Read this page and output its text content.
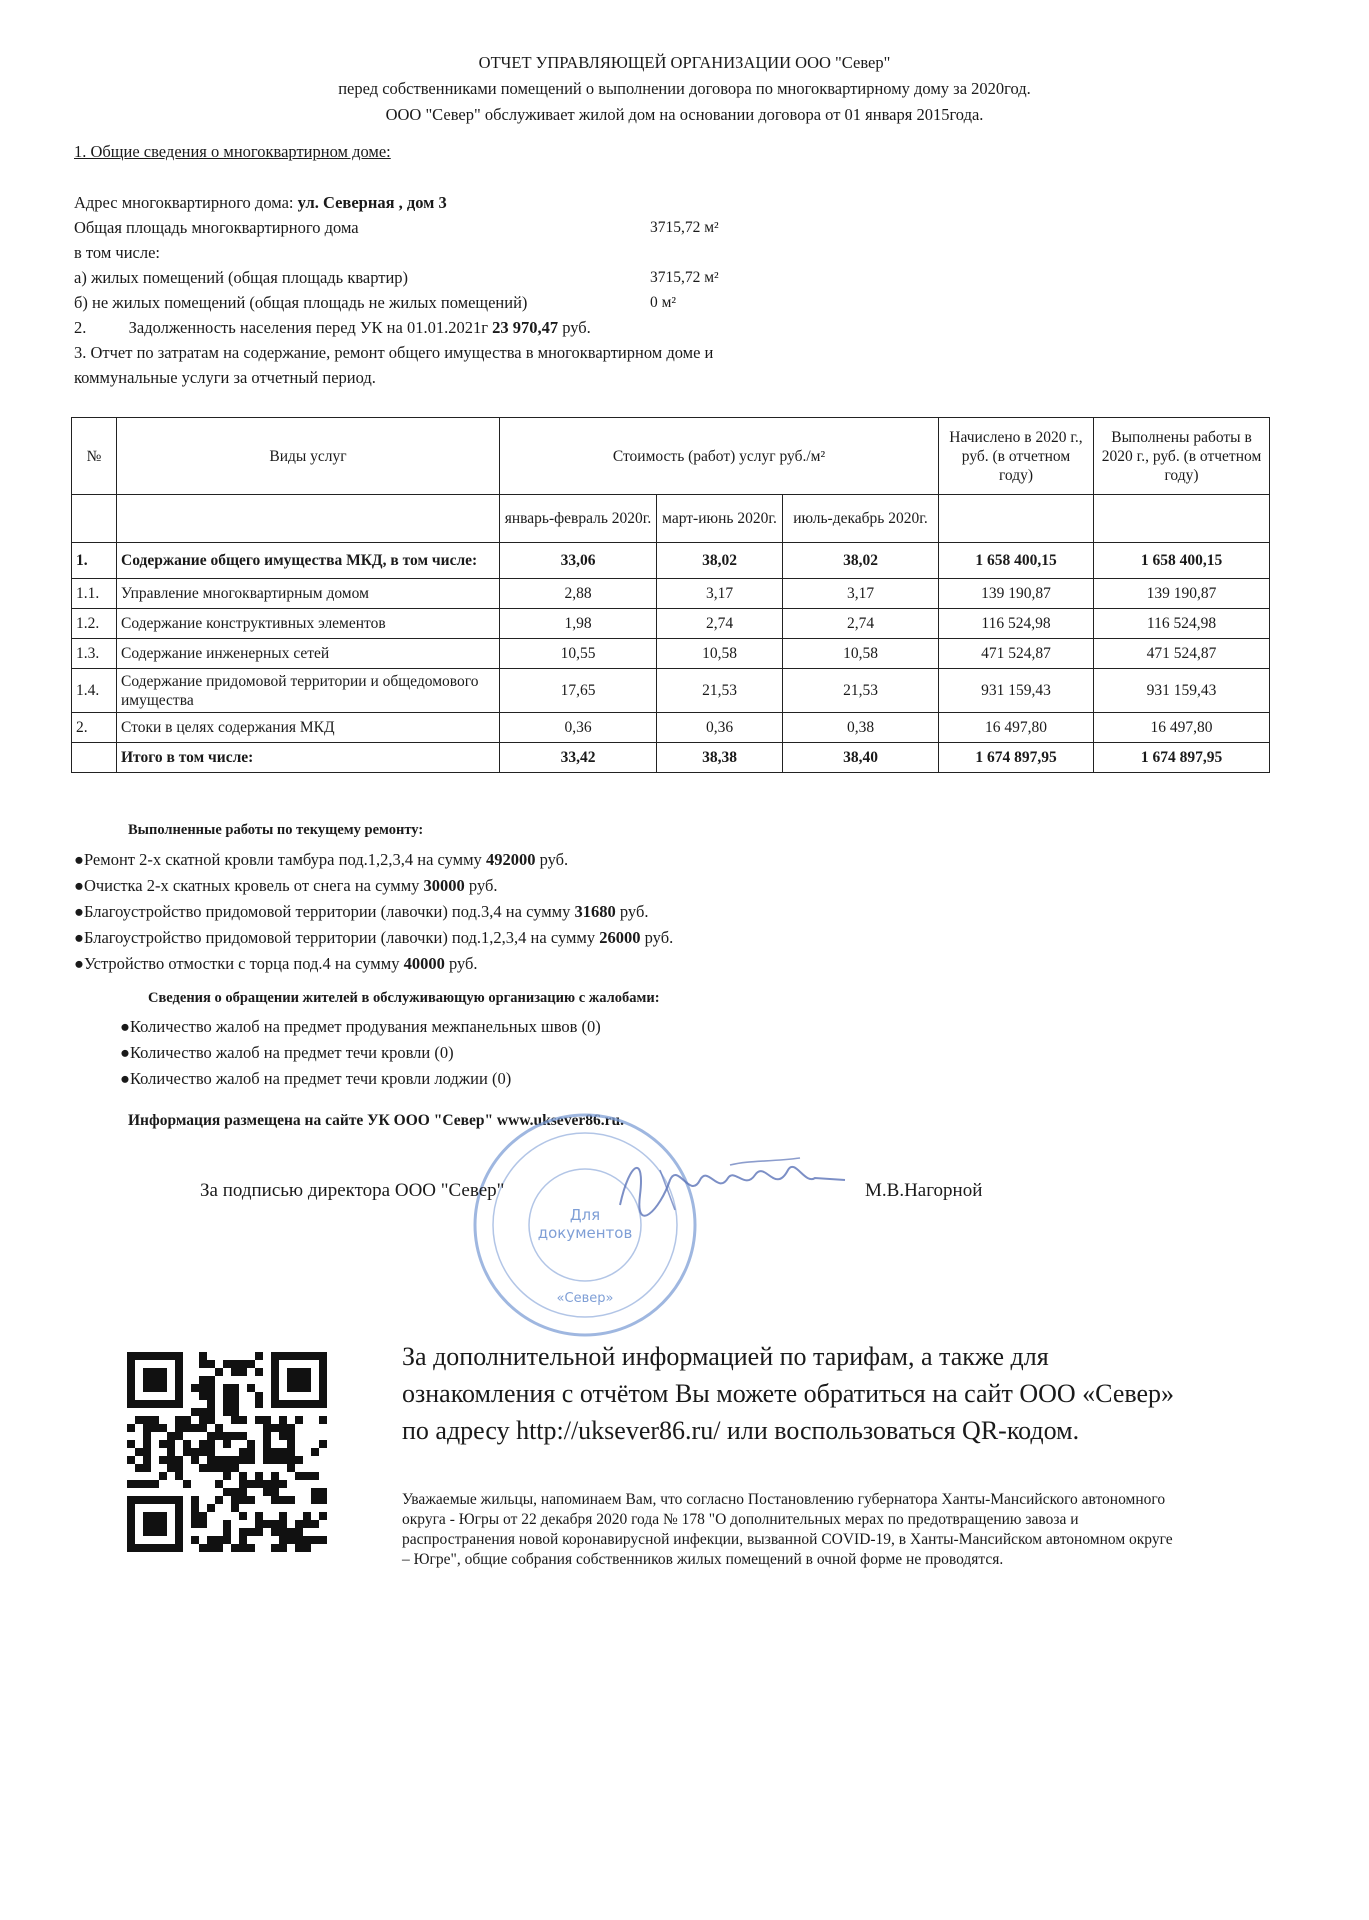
ОТЧЕТ УПРАВЛЯЮЩЕЙ ОРГАНИЗАЦИИ ООО "Север"
перед собственниками помещений о выполнении договора по многоквартирному дому за 2020год.
ООО "Север" обслуживает жилой дом на основании договора от 01 января 2015года.
1. Общие сведения о многоквартирном доме:
Адрес многоквартирного дома: ул. Северная , дом 3
Общая площадь многоквартирного дома	3715,72 м²
в том числе:
а) жилых помещений (общая площадь квартир)	3715,72 м²
б) не жилых помещений (общая площадь не жилых помещений)	0 м²
2.	Задолженность населения перед УК на 01.01.2021г 23 970,47 руб.
3. Отчет по затратам на содержание, ремонт общего имущества в многоквартирном доме и
коммунальные услуги за отчетный период.
№	Виды услуг	Стоимость (работ) услуг руб./м²			Начислено в 2020 г., руб. (в отчетном году)	Выполнены работы в 2020 г., руб. (в отчетном году)
		январь-февраль 2020г.	март-июнь 2020г.	июль-декабрь 2020г.		
1.	Содержание общего имущества МКД, в том числе:	33,06	38,02	38,02	1 658 400,15	1 658 400,15
1.1.	Управление многоквартирным домом	2,88	3,17	3,17	139 190,87	139 190,87
1.2.	Содержание конструктивных элементов	1,98	2,74	2,74	116 524,98	116 524,98
1.3.	Содержание инженерных сетей	10,55	10,58	10,58	471 524,87	471 524,87
1.4.	Содержание придомовой территории и общедомового имущества	17,65	21,53	21,53	931 159,43	931 159,43
2.	Стоки в целях содержания МКД	0,36	0,36	0,38	16 497,80	16 497,80
	Итого в том числе:	33,42	38,38	38,40	1 674 897,95	1 674 897,95
Выполненные работы по текущему ремонту:
●Ремонт 2-х скатной кровли тамбура под.1,2,3,4 на сумму 492000 руб.
●Очистка 2-х скатных кровель от снега на сумму 30000 руб.
●Благоустройство придомовой территории (лавочки) под.3,4 на сумму 31680 руб.
●Благоустройство придомовой территории (лавочки) под.1,2,3,4 на сумму 26000 руб.
●Устройство отмостки с торца под.4 на сумму 40000 руб.
Сведения о обращении жителей в обслуживающую организацию с жалобами:
●Количество жалоб на предмет продувания межпанельных швов (0)
●Количество жалоб на предмет течи кровли (0)
●Количество жалоб на предмет течи кровли лоджии (0)
Информация размещена на сайте УК ООО "Север" www.uksever86.ru.
Для
документов
«Север»
За подписью директора ООО "Север"	М.В.Нагорной
За дополнительной информацией по тарифам, а также для ознакомления с отчётом Вы можете обратиться на сайт ООО «Север» по адресу http://uksever86.ru/ или воспользоваться QR-кодом.
Уважаемые жильцы, напоминаем Вам, что согласно Постановлению губернатора Ханты-Мансийского автономного округа - Югры от 22 декабря 2020 года № 178 "О дополнительных мерах по предотвращению завоза и распространения новой коронавирусной инфекции, вызванной COVID-19, в Ханты-Мансийском автономном округе – Югре", общие собрания собственников жилых помещений в очной форме не проводятся.
